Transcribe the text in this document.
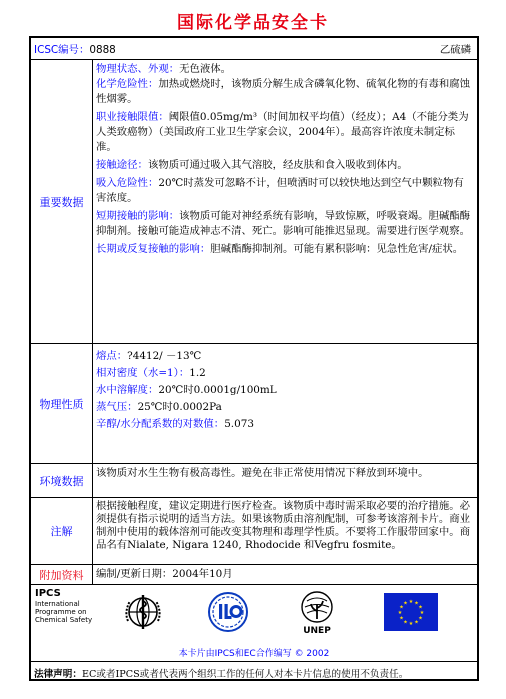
国际化学品安全卡
ICSC编号：0888	乙硫磷
重要数据
物理状态、外观：无色液体。
化学危险性：加热或燃烧时，该物质分解生成含磷氧化物、硫氧化物的有毒和腐蚀性烟雾。
职业接触限值：阈限值0.05mg/m³（时间加权平均值）（经皮）；A4（不能分类为人类致癌物）（美国政府工业卫生学家会议，2004年）。最高容许浓度未制定标准。
接触途径：该物质可通过吸入其气溶胶，经皮肤和食入吸收到体内。
吸入危险性：20℃时蒸发可忽略不计，但喷洒时可以较快地达到空气中颗粒物有害浓度。
短期接触的影响：该物质可能对神经系统有影响，导致惊厥，呼吸衰竭。胆碱酯酶抑制剂。接触可能造成神志不清、死亡。影响可能推迟显现。需要进行医学观察。
长期或反复接触的影响：胆碱酯酶抑制剂。可能有累积影响：见急性危害/症状。
物理性质
熔点：?4412/ －13℃
相对密度（水=1）：1.2
水中溶解度：20℃时0.0001g/100mL
蒸气压：25℃时0.0002Pa
辛醇/水分配系数的对数值：5.073
环境数据
该物质对水生生物有极高毒性。避免在非正常使用情况下释放到环境中。
注解
根据接触程度，建议定期进行医疗检查。该物质中毒时需采取必要的治疗措施。必须提供有指示说明的适当方法。如果该物质由溶剂配制，可参考该溶剂卡片。商业制剂中使用的载体溶剂可能改变其物理和毒理学性质。不要将工作服带回家中。商品名有Nialate, Nigara 1240, Rhodocide 和Vegfru fosmite。
附加资料	编制/更新日期：2004年10月
IPCS
International
Programme on
Chemical Safety
UNEP
★ ★
★
★
★
★
★
★
★
★
★
★
本卡片由IPCS和EC合作编写 © 2002
法律声明：EC或者IPCS或者代表两个组织工作的任何人对本卡片信息的使用不负责任。
